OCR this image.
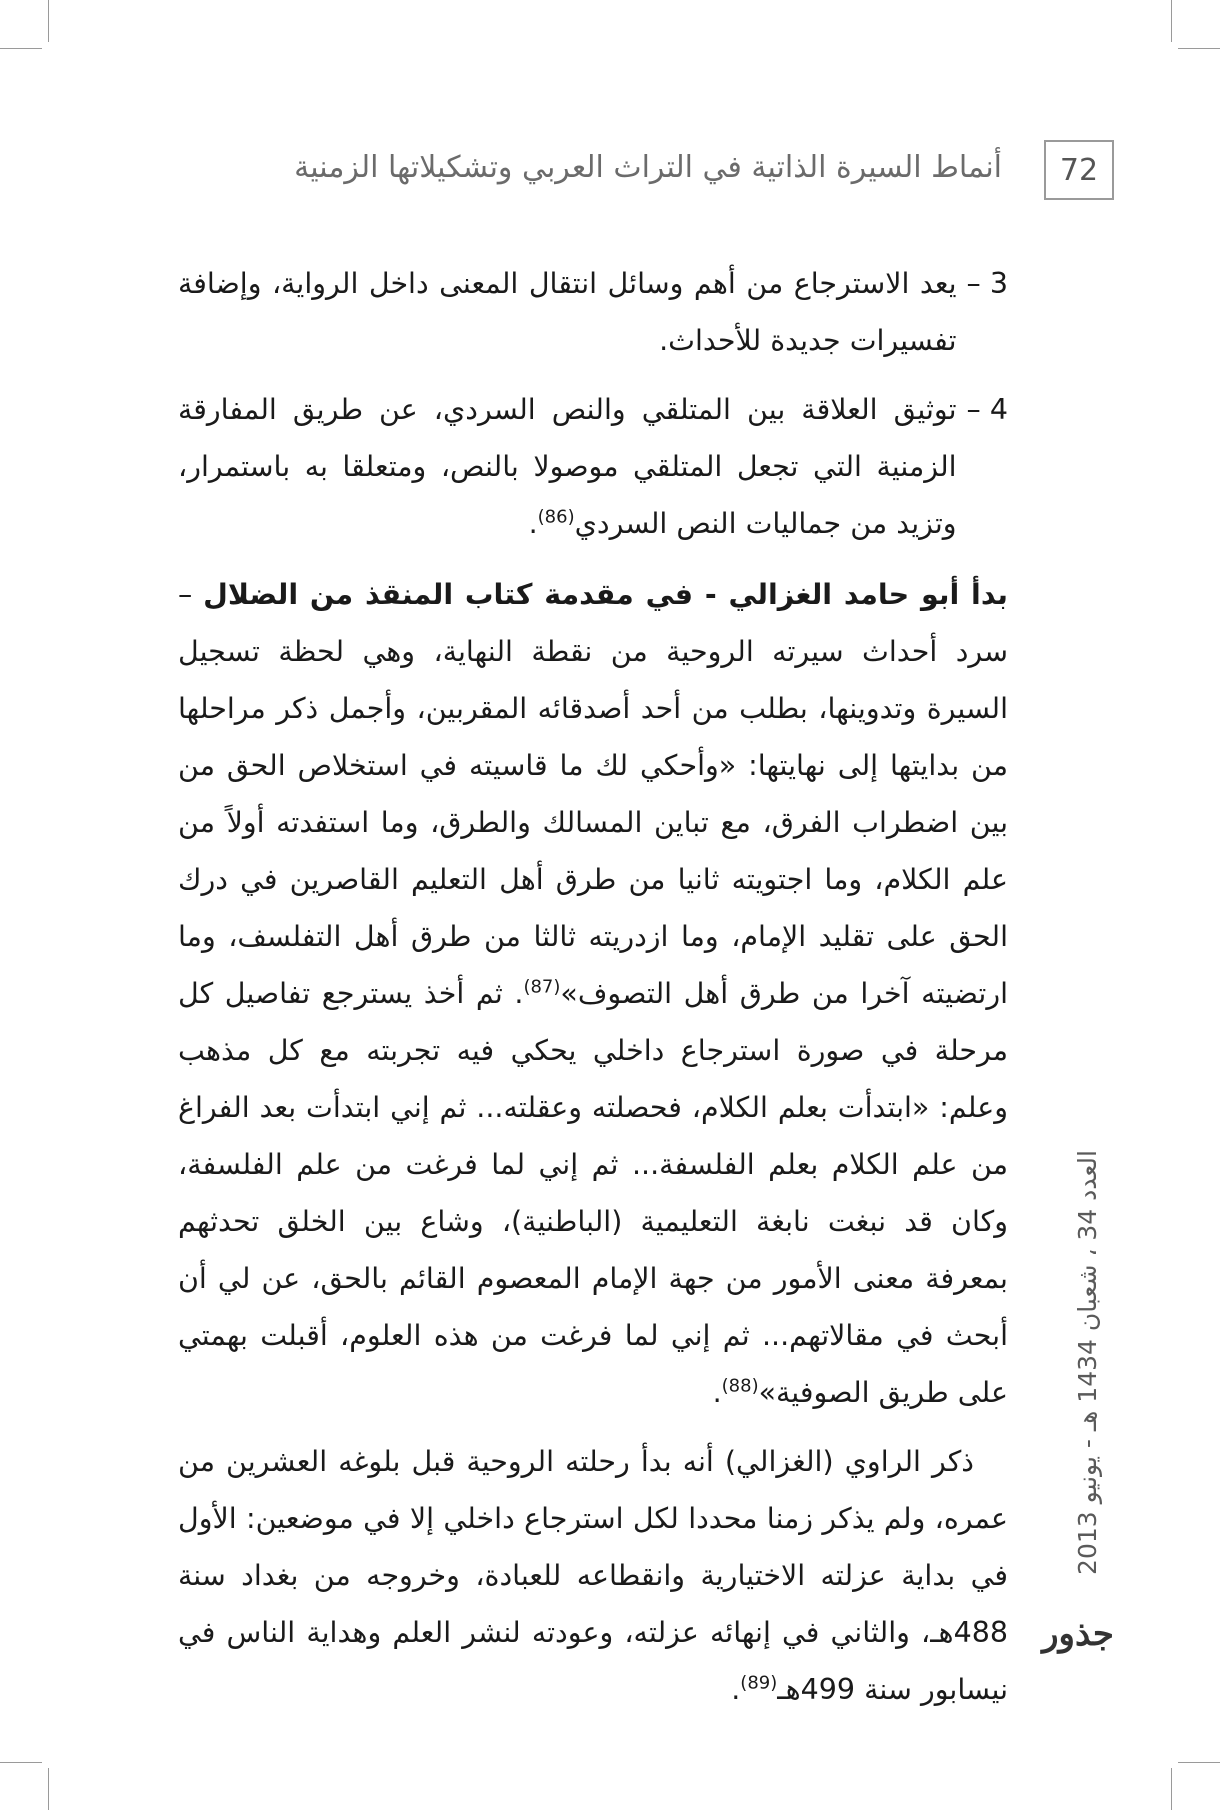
أنماط السيرة الذاتية في التراث العربي وتشكيلاتها الزمنية	72
3 –
يعد الاسترجاع من أهم وسائل انتقال المعنى داخل الرواية، وإضافة تفسيرات جديدة للأحداث.
4 –
توثيق العلاقة بين المتلقي والنص السردي، عن طريق المفارقة الزمنية التي تجعل المتلقي موصولا بالنص، ومتعلقا به باستمرار، وتزيد من جماليات النص السردي$^{(86)}$.

بدأ أبو حامد الغزالي - في مقدمة كتاب المنقذ من الضلال – سرد أحداث سيرته الروحية من نقطة النهاية، وهي لحظة تسجيل السيرة وتدوينها، بطلب من أحد أصدقائه المقربين، وأجمل ذكر مراحلها من بدايتها إلى نهايتها: «وأحكي لك ما قاسيته في استخلاص الحق من بين اضطراب الفرق، مع تباين المسالك والطرق، وما استفدته أولاً من علم الكلام، وما اجتويته ثانيا من طرق أهل التعليم القاصرين في درك الحق على تقليد الإمام، وما ازدريته ثالثا من طرق أهل التفلسف، وما ارتضيته آخرا من طرق أهل التصوف»$^{(87)}$. ثم أخذ يسترجع تفاصيل كل مرحلة في صورة استرجاع داخلي يحكي فيه تجربته مع كل مذهب وعلم: «ابتدأت بعلم الكلام، فحصلته وعقلته... ثم إني ابتدأت بعد الفراغ من علم الكلام بعلم الفلسفة... ثم إني لما فرغت من علم الفلسفة، وكان قد نبغت نابغة التعليمية (الباطنية)، وشاع بين الخلق تحدثهم بمعرفة معنى الأمور من جهة الإمام المعصوم القائم بالحق، عن لي أن أبحث في مقالاتهم... ثم إني لما فرغت من هذه العلوم، أقبلت بهمتي على طريق الصوفية»$^{(88)}$.

ذكر الراوي (الغزالي) أنه بدأ رحلته الروحية قبل بلوغه العشرين من عمره، ولم يذكر زمنا محددا لكل استرجاع داخلي إلا في موضعين: الأول في بداية عزلته الاختيارية وانقطاعه للعبادة، وخروجه من بغداد سنة 488هـ، والثاني في إنهائه عزلته، وعودته لنشر العلم وهداية الناس في نيسابور سنة 499هـ$^{(89)}$.

العدد 34 ، شعبان 1434 هـ - يونيو 2013
جذور
